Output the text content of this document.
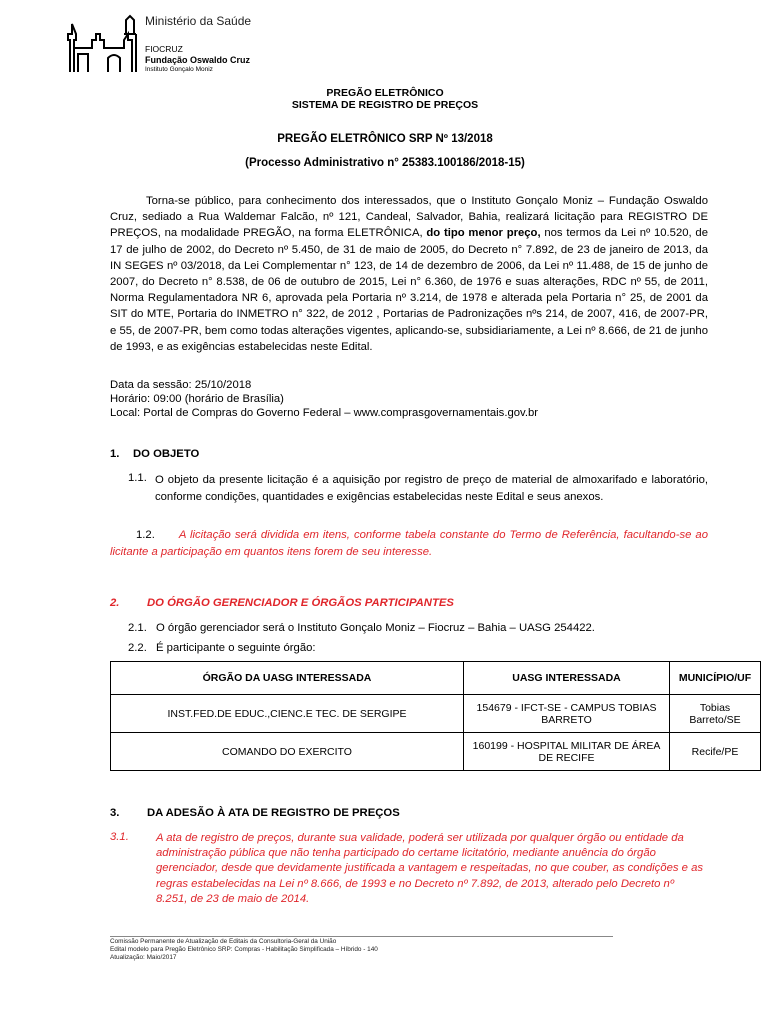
Ministério da Saúde
FIOCRUZ
Fundação Oswaldo Cruz
Instituto Gonçalo Moniz
PREGÃO ELETRÔNICO
SISTEMA DE REGISTRO DE PREÇOS
PREGÃO ELETRÔNICO SRP Nº 13/2018
(Processo Administrativo n° 25383.100186/2018-15)
Torna-se público, para conhecimento dos interessados, que o Instituto Gonçalo Moniz – Fundação Oswaldo Cruz, sediado a Rua Waldemar Falcão, nº 121, Candeal, Salvador, Bahia, realizará licitação para REGISTRO DE PREÇOS, na modalidade PREGÃO, na forma ELETRÔNICA, do tipo menor preço, nos termos da Lei nº 10.520, de 17 de julho de 2002, do Decreto nº 5.450, de 31 de maio de 2005, do Decreto n° 7.892, de 23 de janeiro de 2013, da IN SEGES nº 03/2018, da Lei Complementar n° 123, de 14 de dezembro de 2006, da Lei nº 11.488, de 15 de junho de 2007, do Decreto n° 8.538, de 06 de outubro de 2015, Lei n° 6.360, de 1976 e suas alterações, RDC nº 55, de 2011, Norma Regulamentadora NR 6, aprovada pela Portaria nº 3.214, de 1978 e alterada pela Portaria n° 25, de 2001 da SIT do MTE, Portaria do INMETRO n° 322, de 2012 , Portarias de Padronizações nºs 214, de 2007, 416, de 2007-PR, e 55, de 2007-PR, bem como todas alterações vigentes, aplicando-se, subsidiariamente, a Lei nº 8.666, de 21 de junho de 1993, e as exigências estabelecidas neste Edital.
Data da sessão: 25/10/2018
Horário: 09:00 (horário de Brasília)
Local: Portal de Compras do Governo Federal – www.comprasgovernamentais.gov.br
1. DO OBJETO
1.1. O objeto da presente licitação é a aquisição por registro de preço de material de almoxarifado e laboratório, conforme condições, quantidades e exigências estabelecidas neste Edital e seus anexos.
1.2. A licitação será dividida em itens, conforme tabela constante do Termo de Referência, facultando-se ao licitante a participação em quantos itens forem de seu interesse.
2. DO ÓRGÃO GERENCIADOR E ÓRGÃOS PARTICIPANTES
2.1. O órgão gerenciador será o Instituto Gonçalo Moniz – Fiocruz – Bahia – UASG 254422.
2.2. É participante o seguinte órgão:
ÓRGÃO DA UASG INTERESSADA	UASG INTERESSADA	MUNICÍPIO/UF
INST.FED.DE EDUC.,CIENC.E TEC. DE SERGIPE	154679 - IFCT-SE - CAMPUS TOBIAS BARRETO	Tobias Barreto/SE
COMANDO DO EXERCITO	160199 - HOSPITAL MILITAR DE ÁREA DE RECIFE	Recife/PE
3. DA ADESÃO À ATA DE REGISTRO DE PREÇOS
3.1. A ata de registro de preços, durante sua validade, poderá ser utilizada por qualquer órgão ou entidade da administração pública que não tenha participado do certame licitatório, mediante anuência do órgão gerenciador, desde que devidamente justificada a vantagem e respeitadas, no que couber, as condições e as regras estabelecidas na Lei nº 8.666, de 1993 e no Decreto nº 7.892, de 2013, alterado pelo Decreto nº 8.251, de 23 de maio de 2014.
Comissão Permanente de Atualização de Editais da Consultoria-Geral da União
Edital modelo para Pregão Eletrônico SRP: Compras - Habilitação Simplificada – Híbrido - 140
Atualização: Maio/2017
